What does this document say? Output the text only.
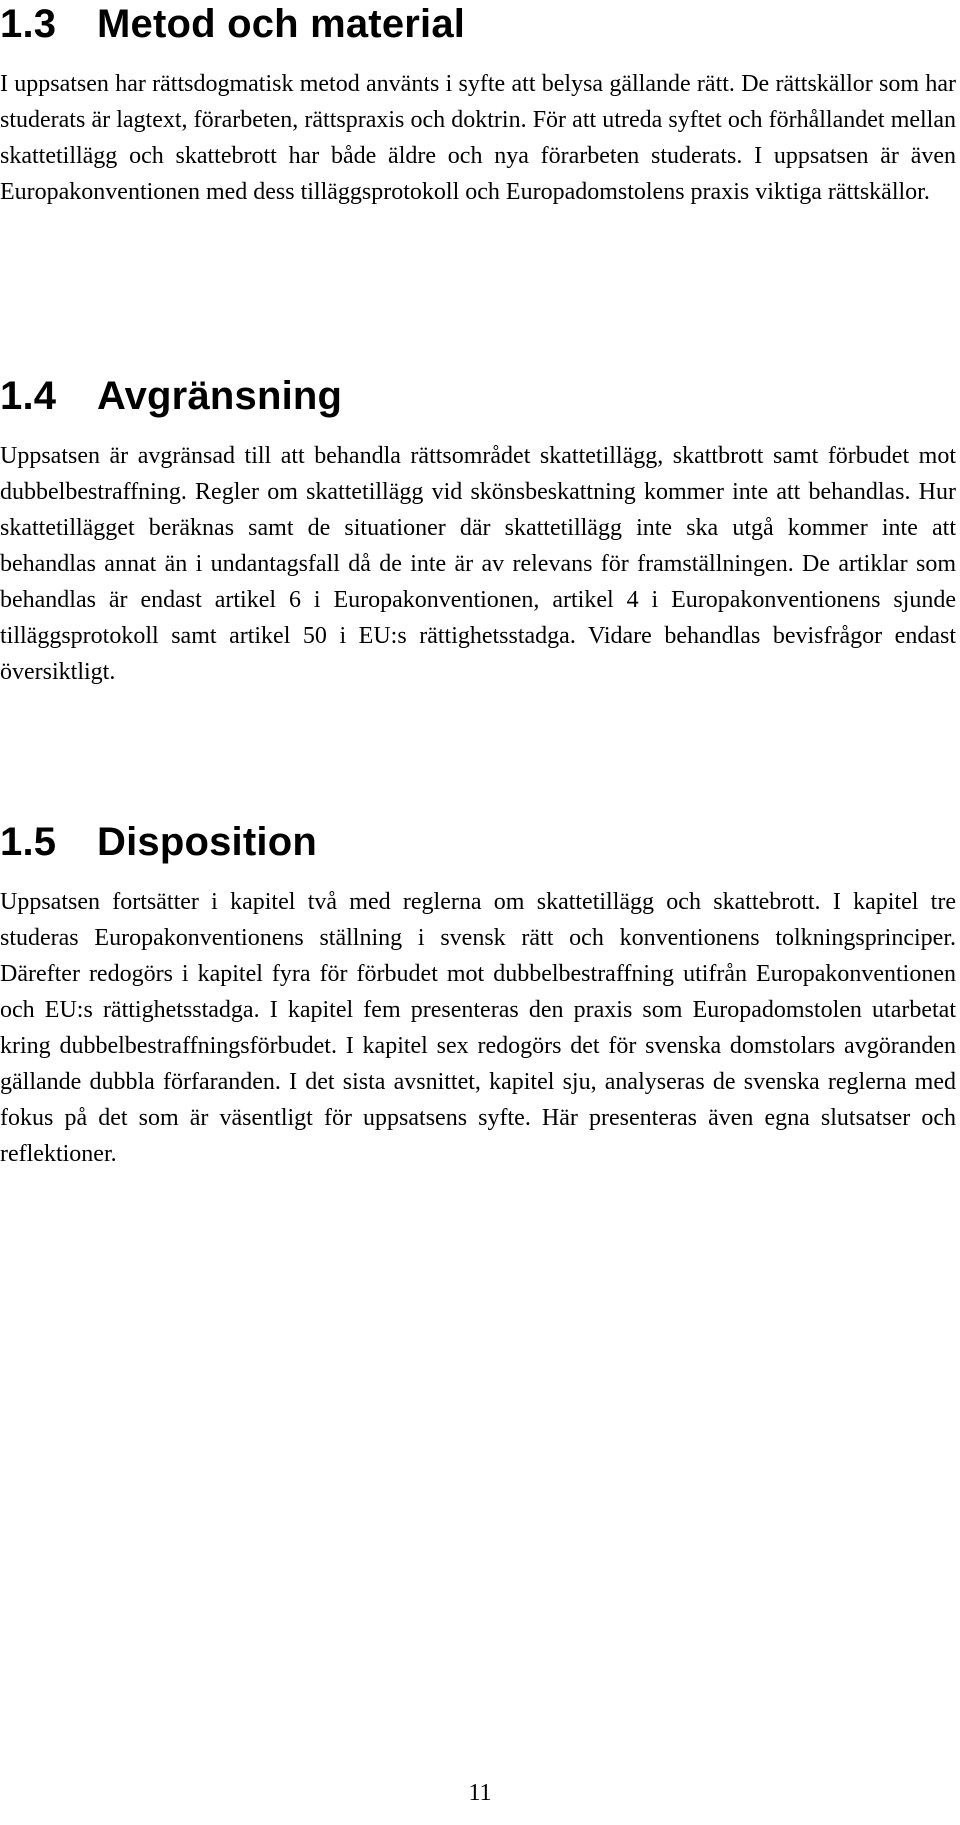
1.3 Metod och material

I uppsatsen har rättsdogmatisk metod använts i syfte att belysa gällande rätt. De rättskällor som har studerats är lagtext, förarbeten, rättspraxis och doktrin. För att utreda syftet och förhållandet mellan skattetillägg och skattebrott har både äldre och nya förarbeten studerats. I uppsatsen är även Europakonventionen med dess tilläggsprotokoll och Europadomstolens praxis viktiga rättskällor.

1.4 Avgränsning

Uppsatsen är avgränsad till att behandla rättsområdet skattetillägg, skattbrott samt förbudet mot dubbelbestraffning. Regler om skattetillägg vid skönsbeskattning kommer inte att behandlas. Hur skattetillägget beräknas samt de situationer där skattetillägg inte ska utgå kommer inte att behandlas annat än i undantagsfall då de inte är av relevans för framställningen. De artiklar som behandlas är endast artikel 6 i Europakonventionen, artikel 4 i Europakonventionens sjunde tilläggsprotokoll samt artikel 50 i EU:s rättighetsstadga. Vidare behandlas bevisfrågor endast översiktligt.

1.5 Disposition

Uppsatsen fortsätter i kapitel två med reglerna om skattetillägg och skattebrott. I kapitel tre studeras Europakonventionens ställning i svensk rätt och konventionens tolkningsprinciper. Därefter redogörs i kapitel fyra för förbudet mot dubbelbestraffning utifrån Europakonventionen och EU:s rättighetsstadga. I kapitel fem presenteras den praxis som Europadomstolen utarbetat kring dubbelbestraffningsförbudet. I kapitel sex redogörs det för svenska domstolars avgöranden gällande dubbla förfaranden. I det sista avsnittet, kapitel sju, analyseras de svenska reglerna med fokus på det som är väsentligt för uppsatsens syfte. Här presenteras även egna slutsatser och reflektioner.

11
